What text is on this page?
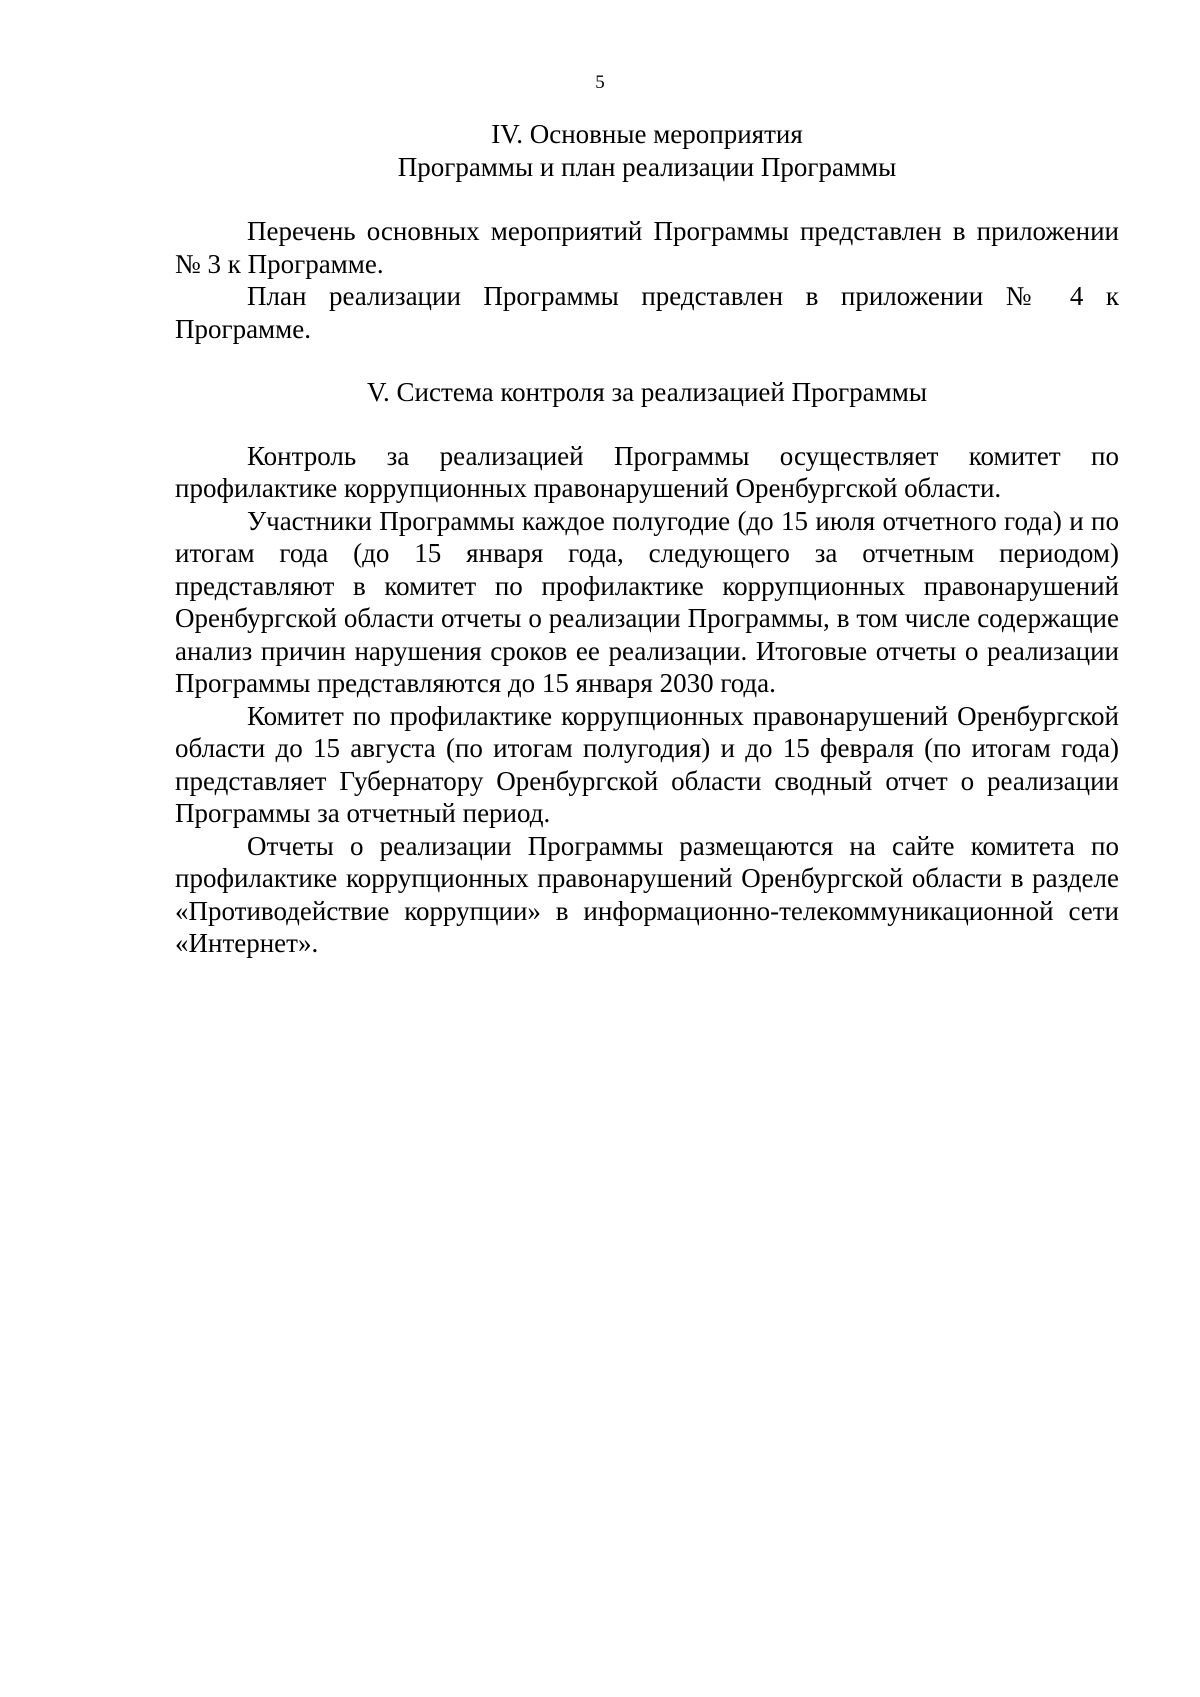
5
IV. Основные мероприятия
Программы и план реализации Программы

Перечень основных мероприятий Программы представлен в приложении № 3 к Программе.

План реализации Программы представлен в приложении № 4 к Программе.

V. Система контроля за реализацией Программы

Контроль за реализацией Программы осуществляет комитет по профилактике коррупционных правонарушений Оренбургской области.

Участники Программы каждое полугодие (до 15 июля отчетного года) и по итогам года (до 15 января года, следующего за отчетным периодом) представляют в комитет по профилактике коррупционных правонарушений Оренбургской области отчеты о реализации Программы, в том числе содержащие анализ причин нарушения сроков ее реализации. Итоговые отчеты о реализации Программы представляются до 15 января 2030 года.

Комитет по профилактике коррупционных правонарушений Оренбургской области до 15 августа (по итогам полугодия) и до 15 февраля (по итогам года) представляет Губернатору Оренбургской области сводный отчет о реализации Программы за отчетный период.

Отчеты о реализации Программы размещаются на сайте комитета по профилактике коррупционных правонарушений Оренбургской области в разделе «Противодействие коррупции» в информационно-телекоммуникационной сети «Интернет».
